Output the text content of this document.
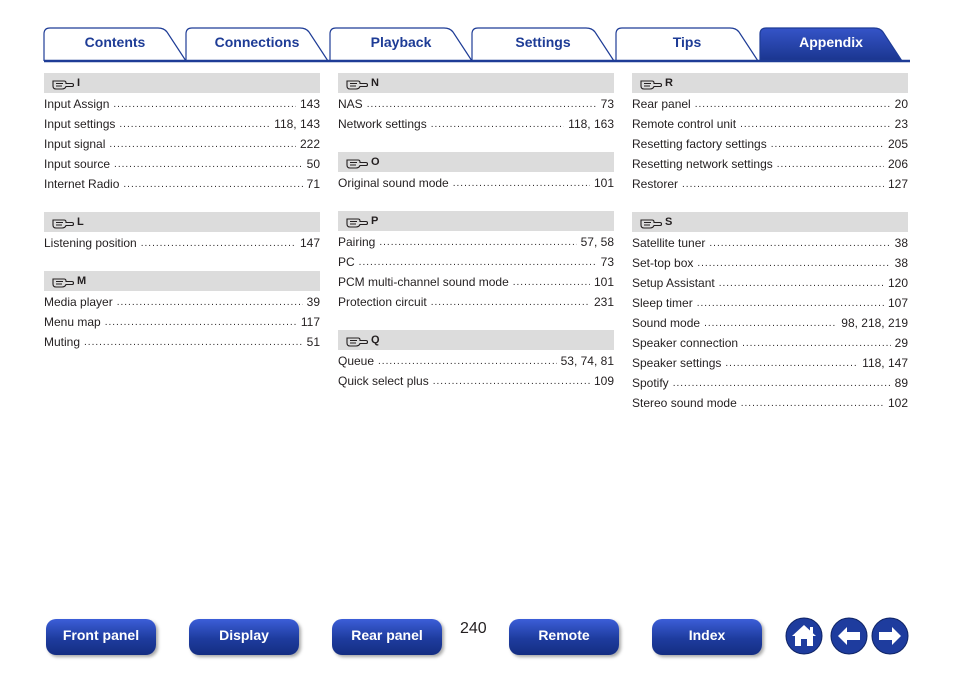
Contents	Connections	Playback	Settings	Tips	Appendix
I
Input Assign .....	143
Input settings .....	118, 143
Input signal .....	222
Input source .....	50
Internet Radio .....	71
L
Listening position .....	147
M
Media player .....	39
Menu map .....	117
Muting .....	51
N
NAS .....	73
Network settings .....	118, 163
O
Original sound mode .....	101
P
Pairing .....	57, 58
PC .....	73
PCM multi-channel sound mode .....	101
Protection circuit .....	231
Q
Queue .....	53, 74, 81
Quick select plus .....	109
R
Rear panel .....	20
Remote control unit .....	23
Resetting factory settings .....	205
Resetting network settings .....	206
Restorer .....	127
S
Satellite tuner .....	38
Set-top box .....	38
Setup Assistant .....	120
Sleep timer .....	107
Sound mode .....	98, 218, 219
Speaker connection .....	29
Speaker settings .....	118, 147
Spotify .....	89
Stereo sound mode .....	102
Front panel	Display	Rear panel	240	Remote	Index
